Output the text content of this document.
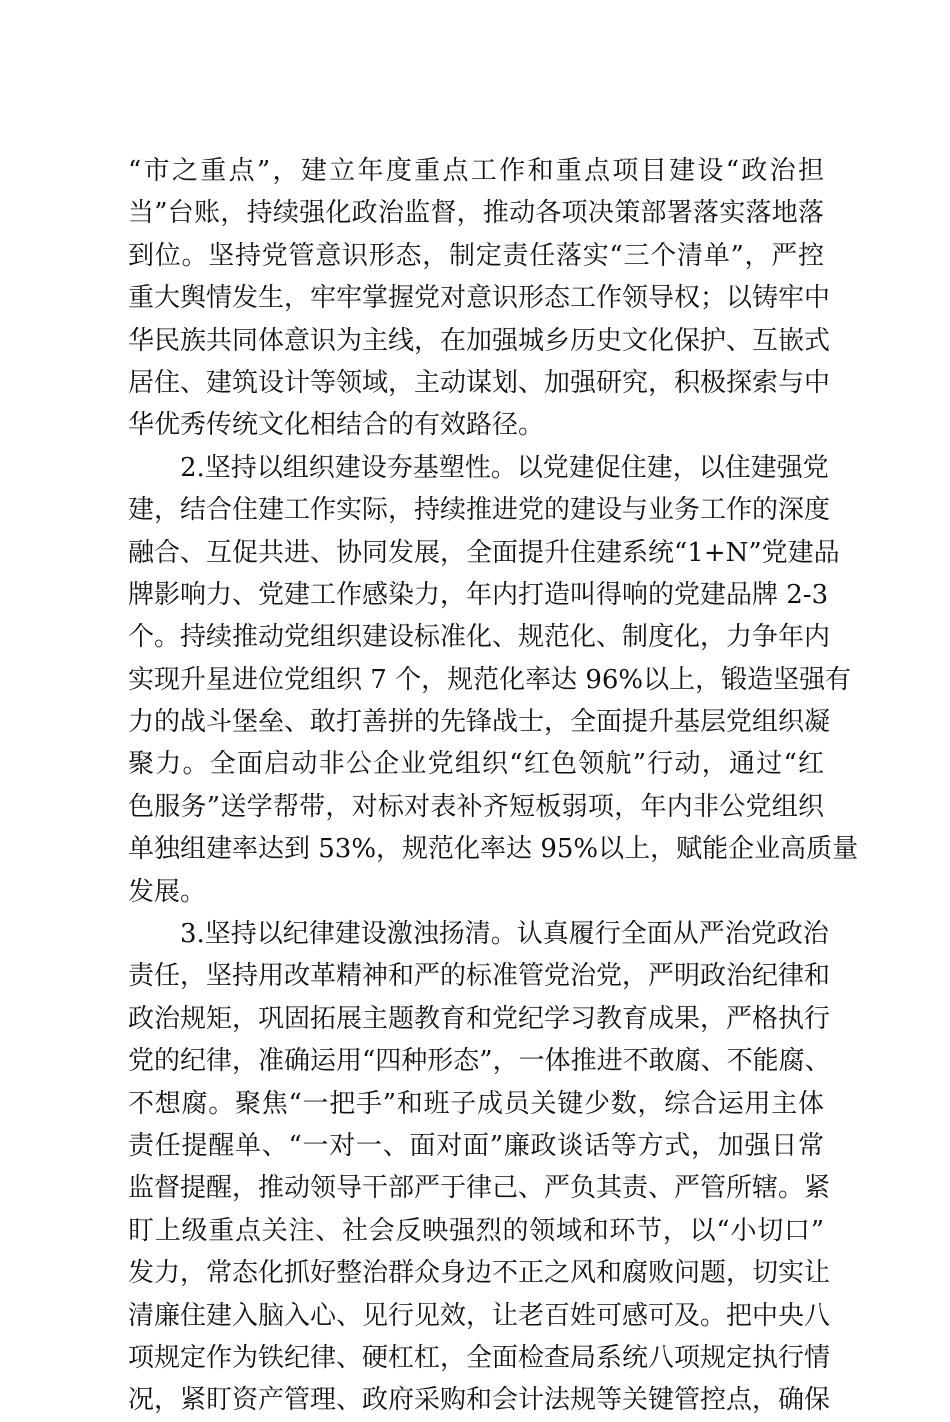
“市之重点”，建立年度重点工作和重点项目建设“政治担
当”台账，持续强化政治监督，推动各项决策部署落实落地落
到位。坚持党管意识形态，制定责任落实“三个清单”，严控
重大舆情发生，牢牢掌握党对意识形态工作领导权；以铸牢中
华民族共同体意识为主线，在加强城乡历史文化保护、互嵌式
居住、建筑设计等领域，主动谋划、加强研究，积极探索与中
华优秀传统文化相结合的有效路径。
2.坚持以组织建设夯基塑性。以党建促住建，以住建强党
建，结合住建工作实际，持续推进党的建设与业务工作的深度
融合、互促共进、协同发展，全面提升住建系统“1+N”党建品
牌影响力、党建工作感染力，年内打造叫得响的党建品牌 2-3
个。持续推动党组织建设标准化、规范化、制度化，力争年内
实现升星进位党组织 7 个，规范化率达 96%以上，锻造坚强有
力的战斗堡垒、敢打善拼的先锋战士，全面提升基层党组织凝
聚力。全面启动非公企业党组织“红色领航”行动，通过“红
色服务”送学帮带，对标对表补齐短板弱项，年内非公党组织
单独组建率达到 53%，规范化率达 95%以上，赋能企业高质量
发展。
3.坚持以纪律建设激浊扬清。认真履行全面从严治党政治
责任，坚持用改革精神和严的标准管党治党，严明政治纪律和
政治规矩，巩固拓展主题教育和党纪学习教育成果，严格执行
党的纪律，准确运用“四种形态”，一体推进不敢腐、不能腐、
不想腐。聚焦“一把手”和班子成员关键少数，综合运用主体
责任提醒单、“一对一、面对面”廉政谈话等方式，加强日常
监督提醒，推动领导干部严于律己、严负其责、严管所辖。紧
盯上级重点关注、社会反映强烈的领域和环节，以“小切口”
发力，常态化抓好整治群众身边不正之风和腐败问题，切实让
清廉住建入脑入心、见行见效，让老百姓可感可及。把中央八
项规定作为铁纪律、硬杠杠，全面检查局系统八项规定执行情
况，紧盯资产管理、政府采购和会计法规等关键管控点，确保
